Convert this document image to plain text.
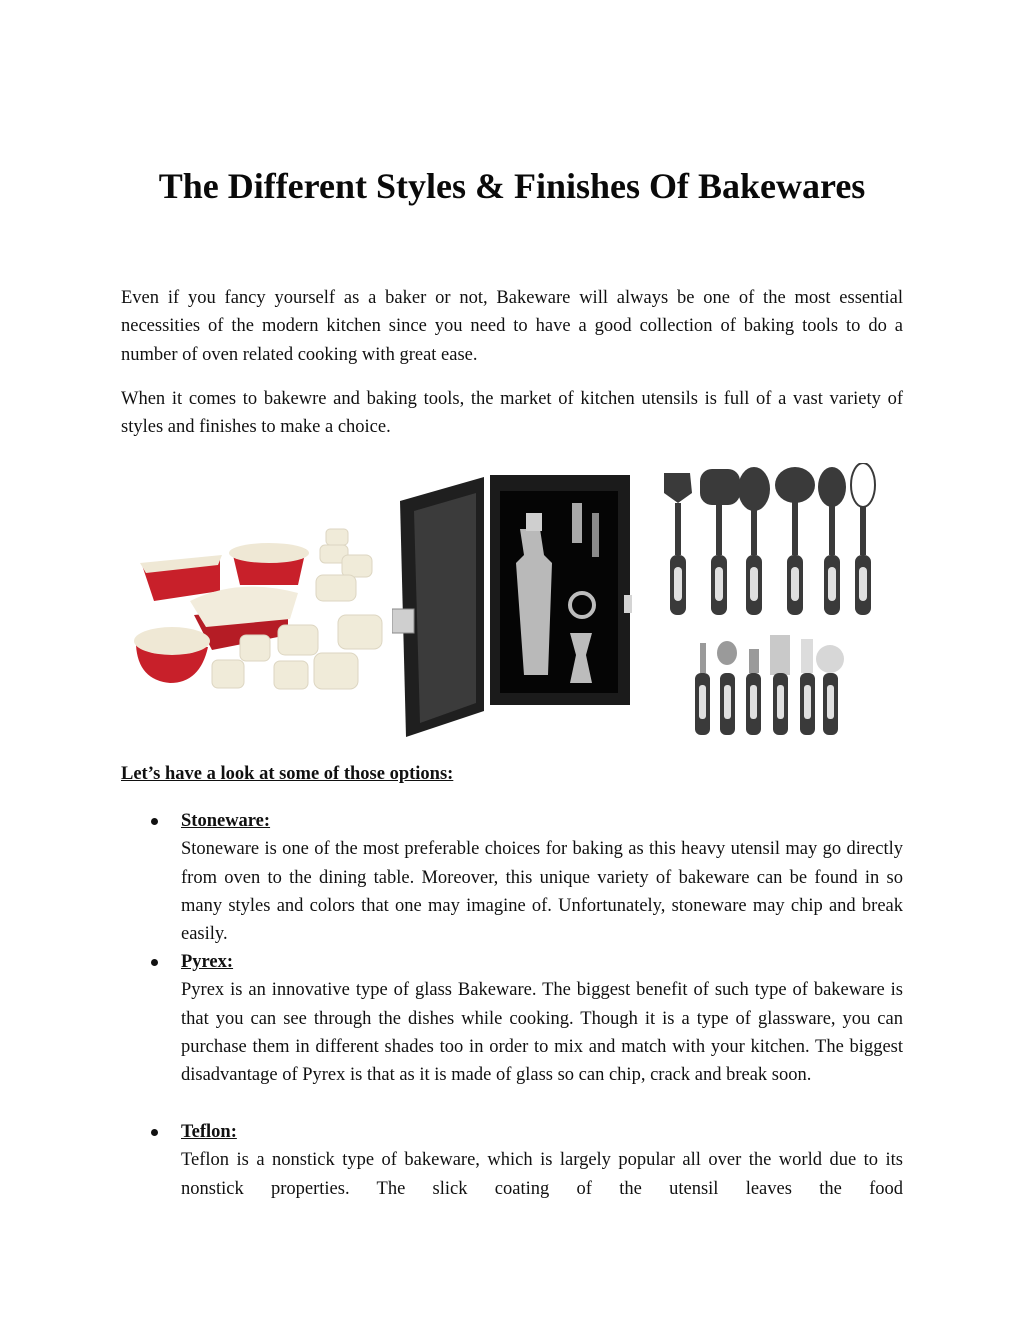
The Different Styles & Finishes Of Bakewares
Even if you fancy yourself as a baker or not, Bakeware will always be one of the most essential necessities of the modern kitchen since you need to have a good collection of baking tools to do a number of oven related cooking with great ease.
When it comes to bakewre and baking tools, the market of kitchen utensils is full of a vast variety of styles and finishes to make a choice.
Let’s have a look at some of those options:
Stoneware:
Stoneware is one of the most preferable choices for baking as this heavy utensil may go directly from oven to the dining table. Moreover, this unique variety of bakeware can be found in so many styles and colors that one may imagine of. Unfortunately, stoneware may chip and break easily.
Pyrex:
Pyrex is an innovative type of glass Bakeware. The biggest benefit of such type of bakeware is that you can see through the dishes while cooking. Though it is a type of glassware, you can purchase them in different shades too in order to mix and match with your kitchen. The biggest disadvantage of Pyrex is that as it is made of glass so can chip, crack and break soon.
Teflon:
Teflon is a nonstick type of bakeware, which is largely popular all over the world due to its nonstick properties. The slick coating of the utensil leaves the food
